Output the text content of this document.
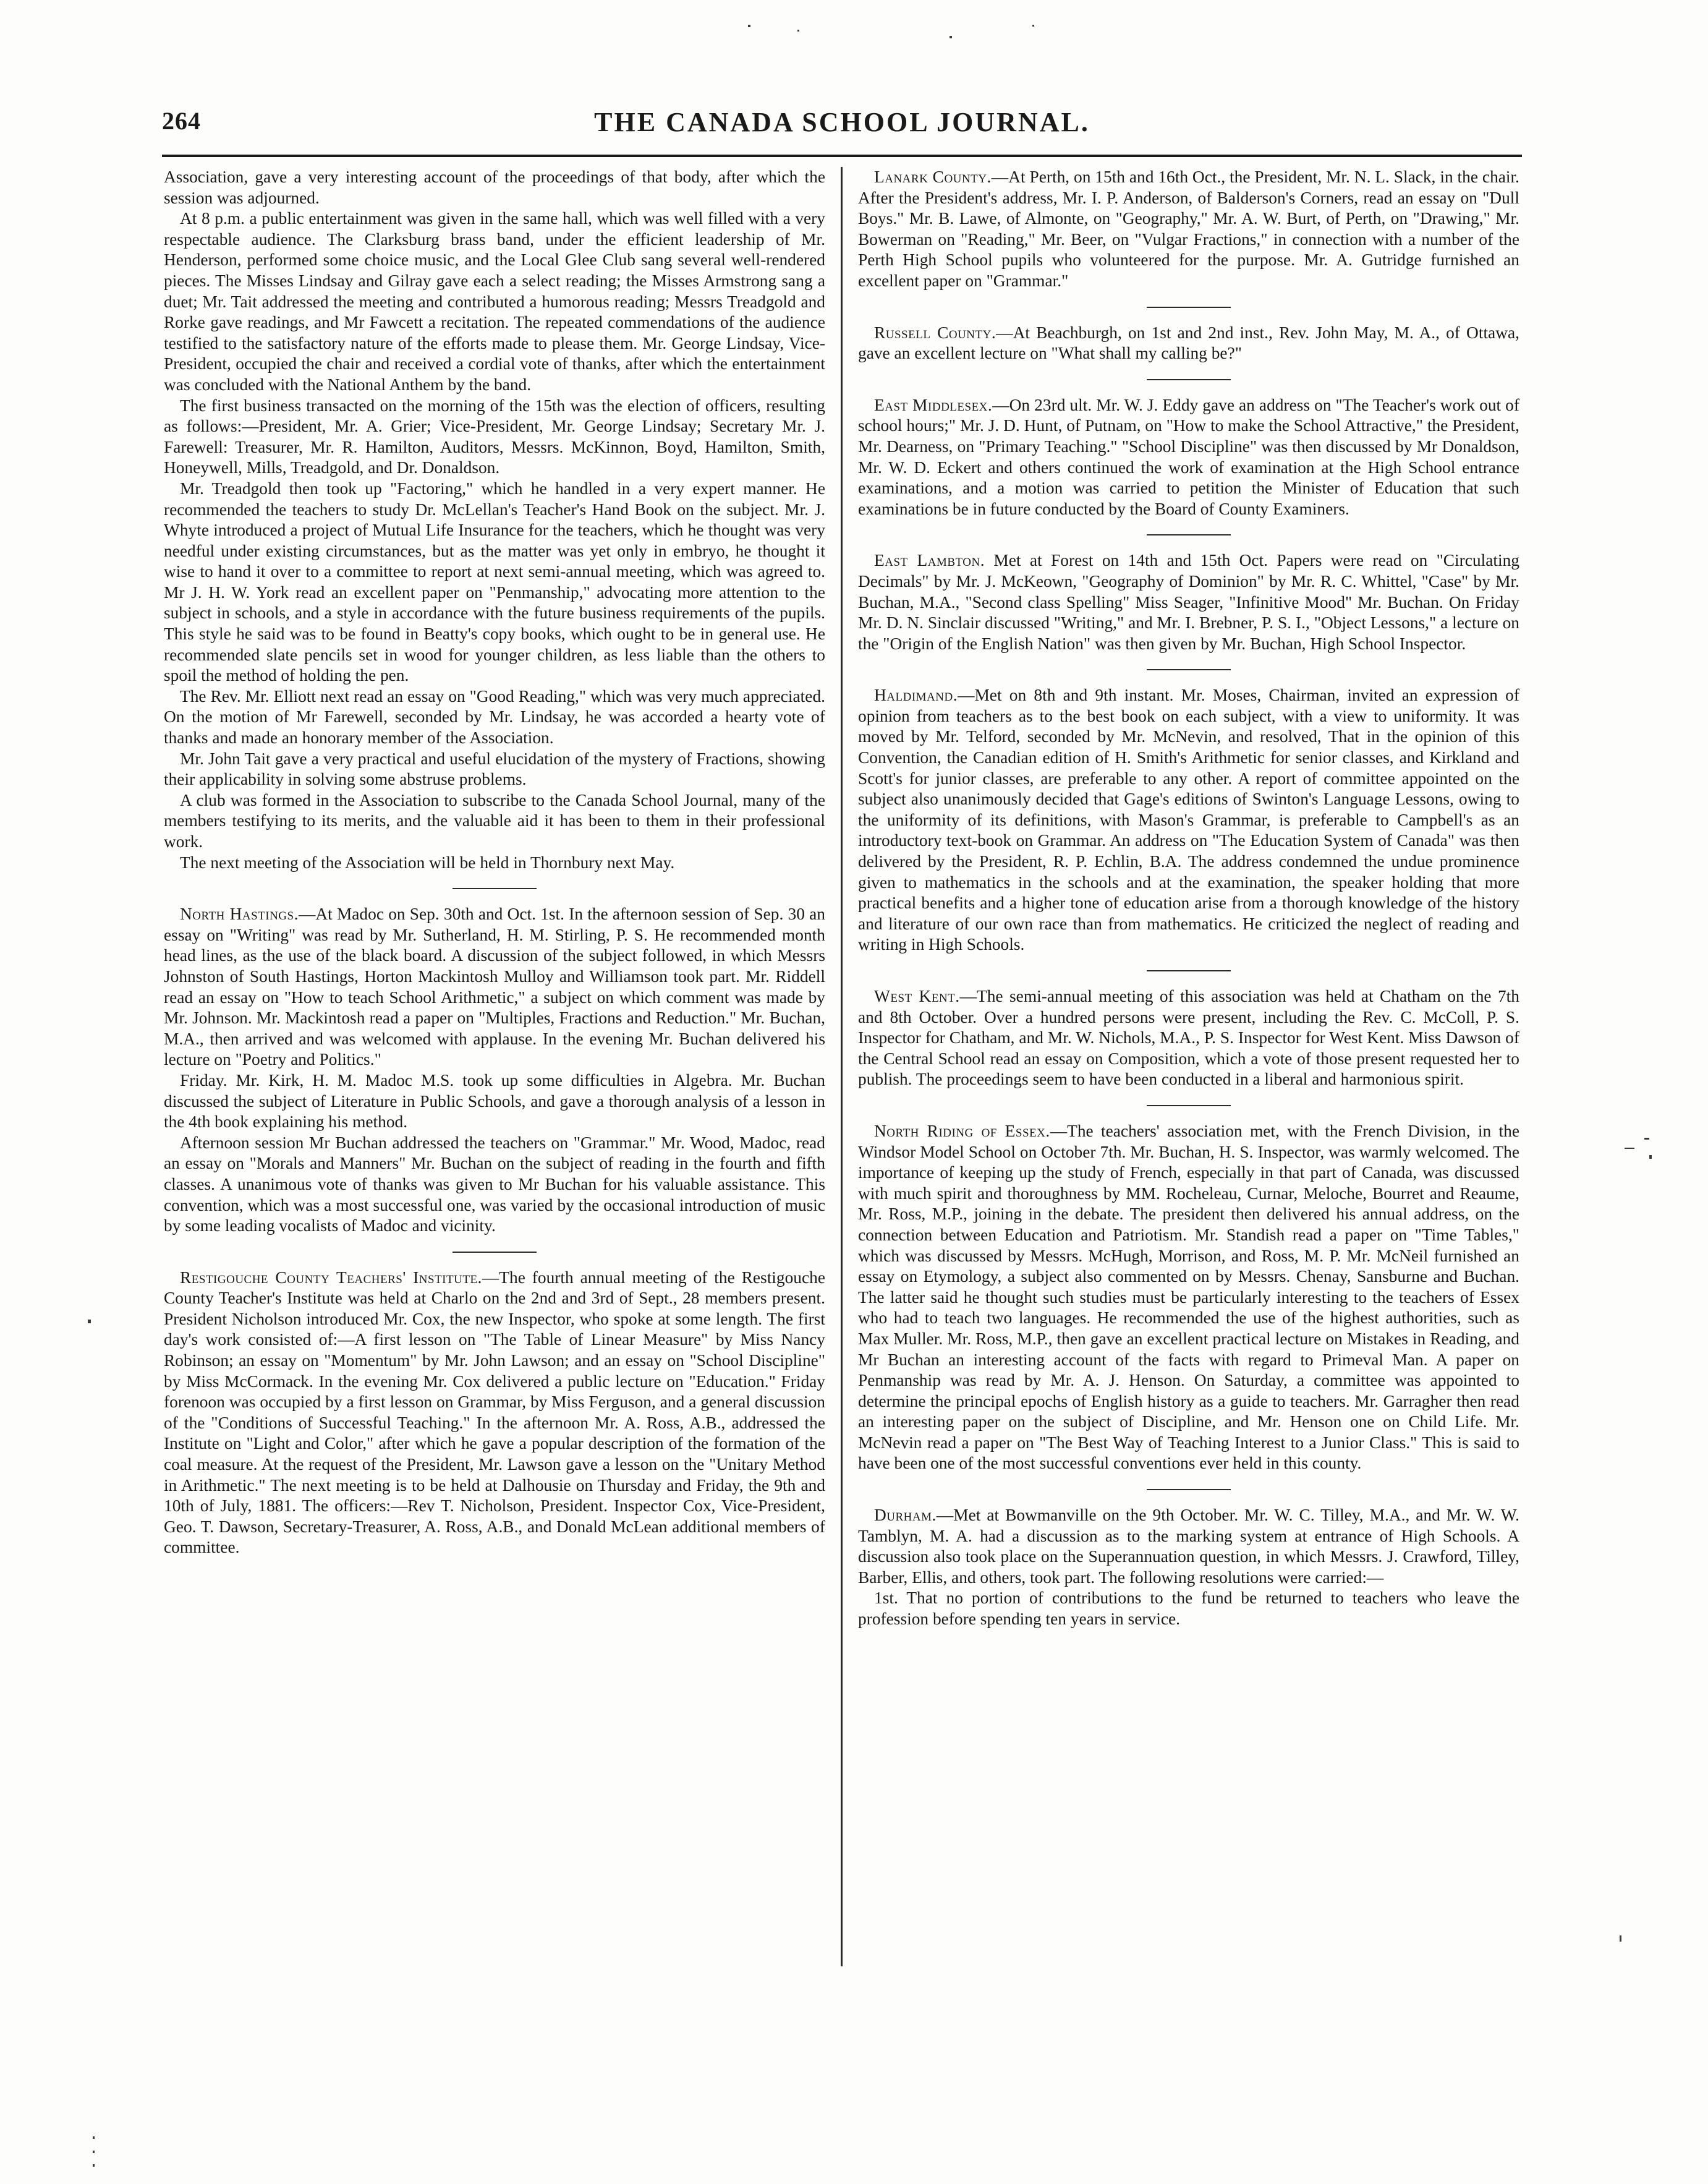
264	THE CANADA SCHOOL JOURNAL.

Association, gave a very interesting account of the proceedings of that body, after which the session was adjourned.

At 8 p.m. a public entertainment was given in the same hall, which was well filled with a very respectable audience. The Clarksburg brass band, under the efficient leadership of Mr. Henderson, performed some choice music, and the Local Glee Club sang several well-rendered pieces. The Misses Lindsay and Gilray gave each a select reading; the Misses Armstrong sang a duet; Mr. Tait addressed the meeting and contributed a humorous reading; Messrs Treadgold and Rorke gave readings, and Mr Fawcett a recitation. The repeated commendations of the audience testified to the satisfactory nature of the efforts made to please them. Mr. George Lindsay, Vice-President, occupied the chair and received a cordial vote of thanks, after which the entertainment was concluded with the National Anthem by the band.

The first business transacted on the morning of the 15th was the election of officers, resulting as follows:—President, Mr. A. Grier; Vice-President, Mr. George Lindsay; Secretary Mr. J. Farewell: Treasurer, Mr. R. Hamilton, Auditors, Messrs. McKinnon, Boyd, Hamilton, Smith, Honeywell, Mills, Treadgold, and Dr. Donaldson.

Mr. Treadgold then took up "Factoring," which he handled in a very expert manner. He recommended the teachers to study Dr. McLellan's Teacher's Hand Book on the subject. Mr. J. Whyte introduced a project of Mutual Life Insurance for the teachers, which he thought was very needful under existing circumstances, but as the matter was yet only in embryo, he thought it wise to hand it over to a committee to report at next semi-annual meeting, which was agreed to. Mr J. H. W. York read an excellent paper on "Penmanship," advocating more attention to the subject in schools, and a style in accordance with the future business requirements of the pupils. This style he said was to be found in Beatty's copy books, which ought to be in general use. He recommended slate pencils set in wood for younger children, as less liable than the others to spoil the method of holding the pen.

The Rev. Mr. Elliott next read an essay on "Good Reading," which was very much appreciated. On the motion of Mr Farewell, seconded by Mr. Lindsay, he was accorded a hearty vote of thanks and made an honorary member of the Association.

Mr. John Tait gave a very practical and useful elucidation of the mystery of Fractions, showing their applicability in solving some abstruse problems.

A club was formed in the Association to subscribe to the Canada School Journal, many of the members testifying to its merits, and the valuable aid it has been to them in their professional work.

The next meeting of the Association will be held in Thornbury next May.

North Hastings.—At Madoc on Sep. 30th and Oct. 1st. In the afternoon session of Sep. 30 an essay on "Writing" was read by Mr. Sutherland, H. M. Stirling, P. S. He recommended month head lines, as the use of the black board. A discussion of the subject followed, in which Messrs Johnston of South Hastings, Horton Mackintosh Mulloy and Williamson took part. Mr. Riddell read an essay on "How to teach School Arithmetic," a subject on which comment was made by Mr. Johnson. Mr. Mackintosh read a paper on "Multiples, Fractions and Reduction." Mr. Buchan, M.A., then arrived and was welcomed with applause. In the evening Mr. Buchan delivered his lecture on "Poetry and Politics."

Friday. Mr. Kirk, H. M. Madoc M.S. took up some difficulties in Algebra. Mr. Buchan discussed the subject of Literature in Public Schools, and gave a thorough analysis of a lesson in the 4th book explaining his method.

Afternoon session Mr Buchan addressed the teachers on "Grammar." Mr. Wood, Madoc, read an essay on "Morals and Manners" Mr. Buchan on the subject of reading in the fourth and fifth classes. A unanimous vote of thanks was given to Mr Buchan for his valuable assistance. This convention, which was a most successful one, was varied by the occasional introduction of music by some leading vocalists of Madoc and vicinity.

Restigouche County Teachers' Institute.—The fourth annual meeting of the Restigouche County Teacher's Institute was held at Charlo on the 2nd and 3rd of Sept., 28 members present. President Nicholson introduced Mr. Cox, the new Inspector, who spoke at some length. The first day's work consisted of:—A first lesson on "The Table of Linear Measure" by Miss Nancy Robinson; an essay on "Momentum" by Mr. John Lawson; and an essay on "School Discipline" by Miss McCormack. In the evening Mr. Cox delivered a public lecture on "Education." Friday forenoon was occupied by a first lesson on Grammar, by Miss Ferguson, and a general discussion of the "Conditions of Successful Teaching." In the afternoon Mr. A. Ross, A.B., addressed the Institute on "Light and Color," after which he gave a popular description of the formation of the coal measure. At the request of the President, Mr. Lawson gave a lesson on the "Unitary Method in Arithmetic." The next meeting is to be held at Dalhousie on Thursday and Friday, the 9th and 10th of July, 1881. The officers:—Rev T. Nicholson, President. Inspector Cox, Vice-President, Geo. T. Dawson, Secretary-Treasurer, A. Ross, A.B., and Donald McLean additional members of committee.

Lanark County.—At Perth, on 15th and 16th Oct., the President, Mr. N. L. Slack, in the chair. After the President's address, Mr. I. P. Anderson, of Balderson's Corners, read an essay on "Dull Boys." Mr. B. Lawe, of Almonte, on "Geography," Mr. A. W. Burt, of Perth, on "Drawing," Mr. Bowerman on "Reading," Mr. Beer, on "Vulgar Fractions," in connection with a number of the Perth High School pupils who volunteered for the purpose. Mr. A. Gutridge furnished an excellent paper on "Grammar."

Russell County.—At Beachburgh, on 1st and 2nd inst., Rev. John May, M. A., of Ottawa, gave an excellent lecture on "What shall my calling be?"

East Middlesex.—On 23rd ult. Mr. W. J. Eddy gave an address on "The Teacher's work out of school hours;" Mr. J. D. Hunt, of Putnam, on "How to make the School Attractive," the President, Mr. Dearness, on "Primary Teaching." "School Discipline" was then discussed by Mr Donaldson, Mr. W. D. Eckert and others continued the work of examination at the High School entrance examinations, and a motion was carried to petition the Minister of Education that such examinations be in future conducted by the Board of County Examiners.

East Lambton. Met at Forest on 14th and 15th Oct. Papers were read on "Circulating Decimals" by Mr. J. McKeown, "Geography of Dominion" by Mr. R. C. Whittel, "Case" by Mr. Buchan, M.A., "Second class Spelling" Miss Seager, "Infinitive Mood" Mr. Buchan. On Friday Mr. D. N. Sinclair discussed "Writing," and Mr. I. Brebner, P. S. I., "Object Lessons," a lecture on the "Origin of the English Nation" was then given by Mr. Buchan, High School Inspector.

Haldimand.—Met on 8th and 9th instant. Mr. Moses, Chairman, invited an expression of opinion from teachers as to the best book on each subject, with a view to uniformity. It was moved by Mr. Telford, seconded by Mr. McNevin, and resolved, That in the opinion of this Convention, the Canadian edition of H. Smith's Arithmetic for senior classes, and Kirkland and Scott's for junior classes, are preferable to any other. A report of committee appointed on the subject also unanimously decided that Gage's editions of Swinton's Language Lessons, owing to the uniformity of its definitions, with Mason's Grammar, is preferable to Campbell's as an introductory text-book on Grammar. An address on "The Education System of Canada" was then delivered by the President, R. P. Echlin, B.A. The address condemned the undue prominence given to mathematics in the schools and at the examination, the speaker holding that more practical benefits and a higher tone of education arise from a thorough knowledge of the history and literature of our own race than from mathematics. He criticized the neglect of reading and writing in High Schools.

West Kent.—The semi-annual meeting of this association was held at Chatham on the 7th and 8th October. Over a hundred persons were present, including the Rev. C. McColl, P. S. Inspector for Chatham, and Mr. W. Nichols, M.A., P. S. Inspector for West Kent. Miss Dawson of the Central School read an essay on Composition, which a vote of those present requested her to publish. The proceedings seem to have been conducted in a liberal and harmonious spirit.

North Riding of Essex.—The teachers' association met, with the French Division, in the Windsor Model School on October 7th. Mr. Buchan, H. S. Inspector, was warmly welcomed. The importance of keeping up the study of French, especially in that part of Canada, was discussed with much spirit and thoroughness by MM. Rocheleau, Curnar, Meloche, Bourret and Reaume, Mr. Ross, M.P., joining in the debate. The president then delivered his annual address, on the connection between Education and Patriotism. Mr. Standish read a paper on "Time Tables," which was discussed by Messrs. McHugh, Morrison, and Ross, M. P. Mr. McNeil furnished an essay on Etymology, a subject also commented on by Messrs. Chenay, Sansburne and Buchan. The latter said he thought such studies must be particularly interesting to the teachers of Essex who had to teach two languages. He recommended the use of the highest authorities, such as Max Muller. Mr. Ross, M.P., then gave an excellent practical lecture on Mistakes in Reading, and Mr Buchan an interesting account of the facts with regard to Primeval Man. A paper on Penmanship was read by Mr. A. J. Henson. On Saturday, a committee was appointed to determine the principal epochs of English history as a guide to teachers. Mr. Garragher then read an interesting paper on the subject of Discipline, and Mr. Henson one on Child Life. Mr. McNevin read a paper on "The Best Way of Teaching Interest to a Junior Class." This is said to have been one of the most successful conventions ever held in this county.

Durham.—Met at Bowmanville on the 9th October. Mr. W. C. Tilley, M.A., and Mr. W. W. Tamblyn, M. A. had a discussion as to the marking system at entrance of High Schools. A discussion also took place on the Superannuation question, in which Messrs. J. Crawford, Tilley, Barber, Ellis, and others, took part. The following resolutions were carried:—

1st. That no portion of contributions to the fund be returned to teachers who leave the profession before spending ten years in service.
